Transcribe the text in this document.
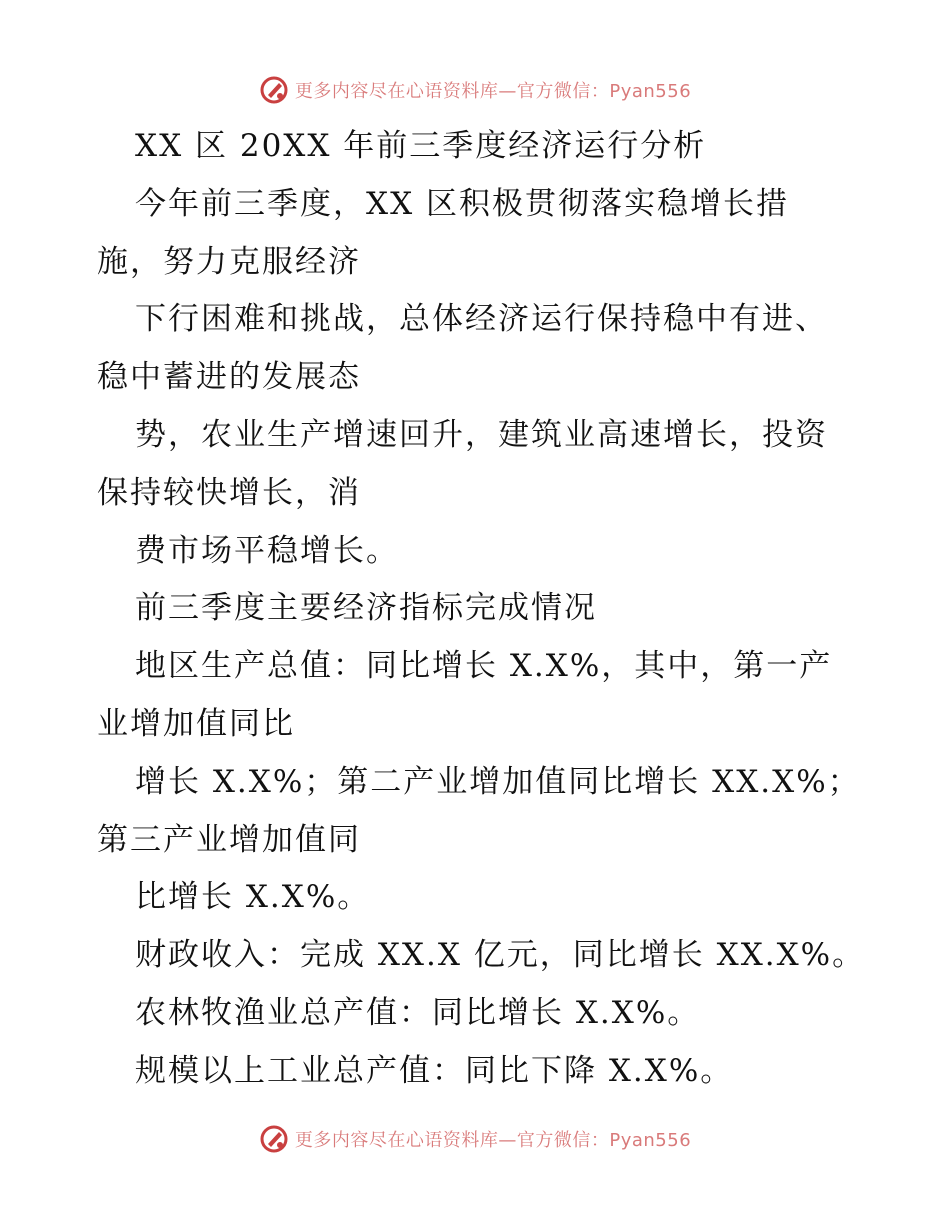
更多内容尽在心语资料库—官方微信：Pyan556
XX 区 20XX 年前三季度经济运行分析
今年前三季度，XX 区积极贯彻落实稳增长措
施，努力克服经济
下行困难和挑战，总体经济运行保持稳中有进、
稳中蓄进的发展态
势，农业生产增速回升，建筑业高速增长，投资
保持较快增长，消
费市场平稳增长。
前三季度主要经济指标完成情况
地区生产总值：同比增长 X.X%，其中，第一产
业增加值同比
增长 X.X%；第二产业增加值同比增长 XX.X%；
第三产业增加值同
比增长 X.X%。
财政收入：完成 XX.X 亿元，同比增长 XX.X%。
农林牧渔业总产值：同比增长 X.X%。
规模以上工业总产值：同比下降 X.X%。
更多内容尽在心语资料库—官方微信：Pyan556
